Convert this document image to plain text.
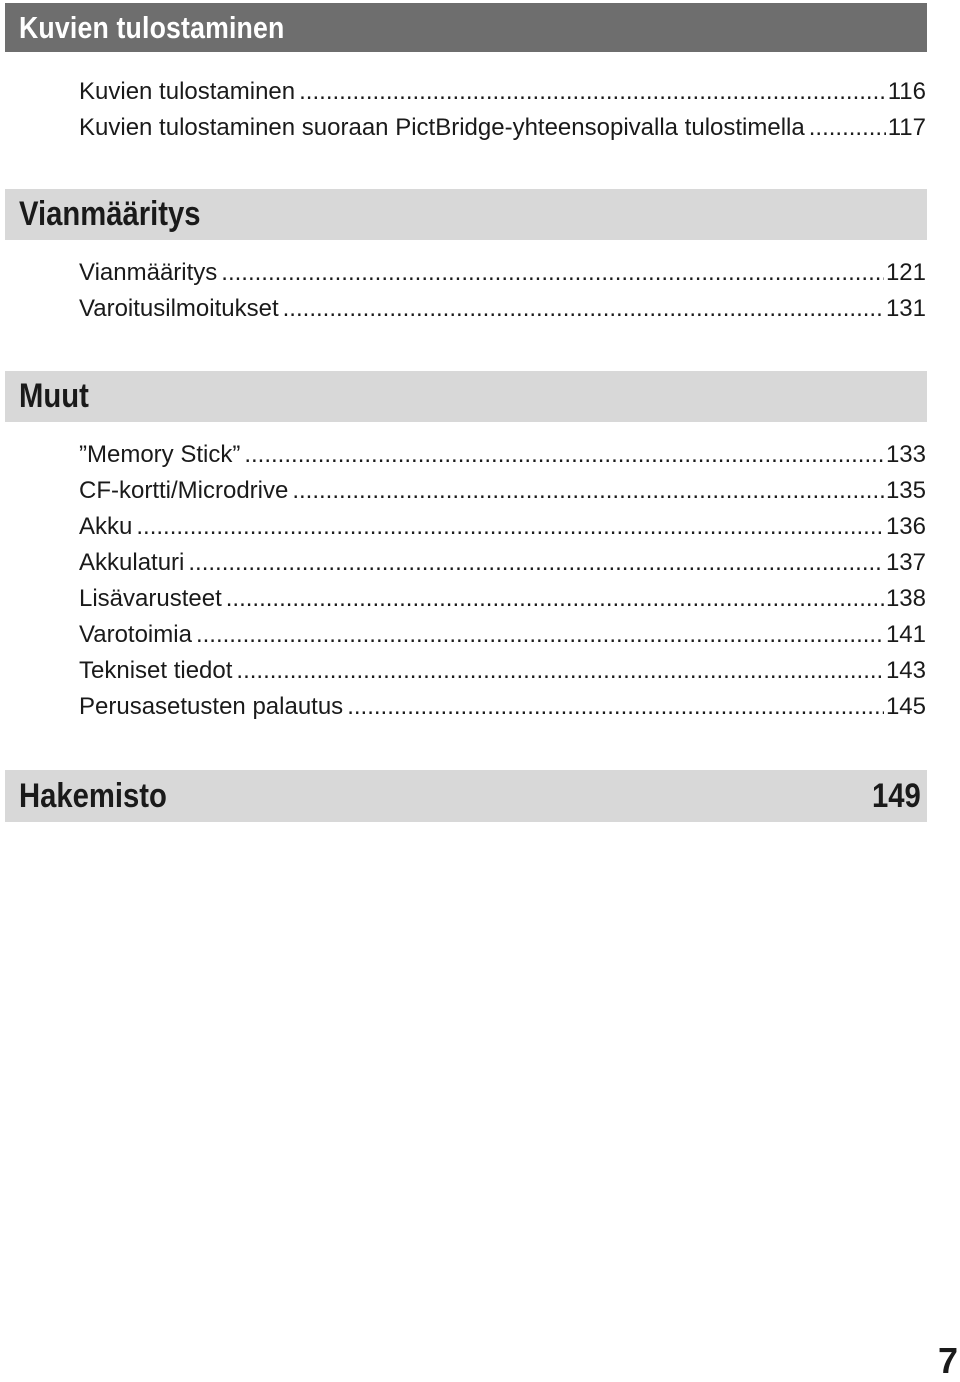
Kuvien tulostaminen
Kuvien tulostaminen .....	116
Kuvien tulostaminen suoraan PictBridge-yhteensopivalla tulostimella .....	117
Vianmääritys
Vianmääritys .....	121
Varoitusilmoitukset .....	131
Muut
”Memory Stick” .....	133
CF-kortti/Microdrive .....	135
Akku .....	136
Akkulaturi .....	137
Lisävarusteet .....	138
Varotoimia .....	141
Tekniset tiedot .....	143
Perusasetusten palautus .....	145
Hakemisto	149
7
